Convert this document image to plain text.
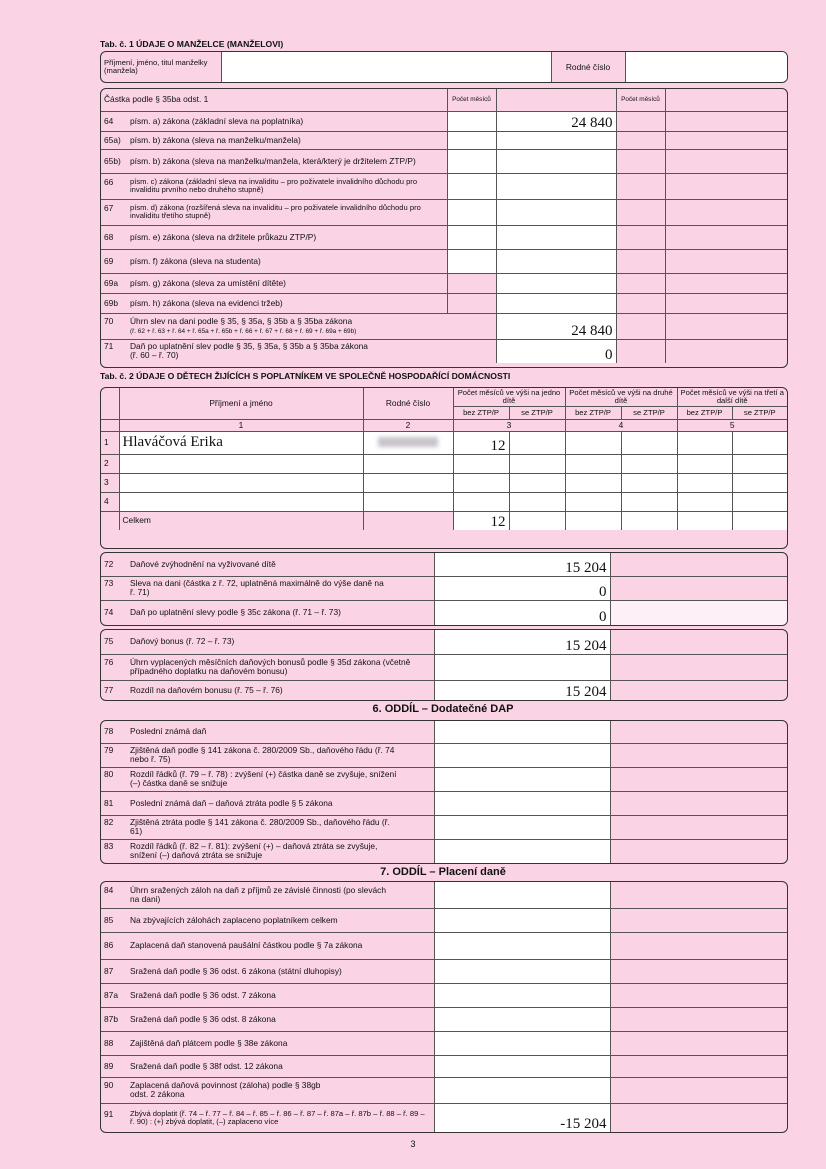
Tab. č. 1 ÚDAJE O MANŽELCE (MANŽELOVI)
Příjmení, jméno, titul manželky (manžela)		Rodné číslo	
Částka podle § 35ba odst. 1	Počet měsíců		Počet měsíců	
64 písm. a) zákona (základní sleva na poplatníka)		24 840		
65a) písm. b) zákona (sleva na manželku/manžela)				
65b) písm. b) zákona (sleva na manželku/manžela, která/který je držitelem ZTP/P)				
66 písm. c) zákona (základní sleva na invaliditu – pro poživatele invalidního důchodu pro invaliditu prvního nebo druhého stupně)				
67 písm. d) zákona (rozšířená sleva na invaliditu – pro poživatele invalidního důchodu pro invaliditu třetího stupně)				
68 písm. e) zákona (sleva na držitele průkazu ZTP/P)				
69 písm. f) zákona (sleva na studenta)				
69a písm. g) zákona (sleva za umístění dítěte)				
69b písm. h) zákona (sleva na evidenci tržeb)				
70 Úhrn slev na dani podle § 35, § 35a, § 35b a § 35ba zákona
(ř. 62 + ř. 63 + ř. 64 + ř. 65a + ř. 65b + ř. 66 + ř. 67 + ř. 68 + ř. 69 + ř. 69a + 69b)		24 840		
71 Daň po uplatnění slev podle § 35, § 35a, § 35b a § 35ba zákona (ř. 60 – ř. 70)		0		
Tab. č. 2 ÚDAJE O DĚTECH ŽIJÍCÍCH S POPLATNÍKEM VE SPOLEČNĚ HOSPODAŘÍCÍ DOMÁCNOSTI
	Příjmení a jméno	Rodné číslo	Počet měsíců ve výši na jedno dítě		Počet měsíců ve výši na druhé dítě		Počet měsíců ve výši na třetí a další dítě	
			bez ZTP/P	se ZTP/P	bez ZTP/P	se ZTP/P	bez ZTP/P	se ZTP/P
	1	2	3		4		5	
1	Hlaváčová Erika		12					
2								
3								
4								
	Celkem		12					
72 Daňové zvýhodnění na vyživované dítě	15 204	
73 Sleva na dani (částka z ř. 72, uplatněná maximálně do výše daně na ř. 71)	0	
74 Daň po uplatnění slevy podle § 35c zákona (ř. 71 – ř. 73)	0	
75 Daňový bonus (ř. 72 – ř. 73)	15 204	
76 Úhrn vyplacených měsíčních daňových bonusů podle § 35d zákona (včetně případného doplatku na daňovém bonusu)		
77 Rozdíl na daňovém bonusu (ř. 75 – ř. 76)	15 204	
6. ODDÍL – Dodatečné DAP
78 Poslední známá daň		
79 Zjištěná daň podle § 141 zákona č. 280/2009 Sb., daňového řádu (ř. 74 nebo ř. 75)		
80 Rozdíl řádků (ř. 79 – ř. 78) : zvýšení (+) částka daně se zvyšuje, snížení (–) částka daně se snižuje		
81 Poslední známá daň – daňová ztráta podle § 5 zákona		
82 Zjištěná ztráta podle § 141 zákona č. 280/2009 Sb., daňového řádu (ř. 61)		
83 Rozdíl řádků (ř. 82 – ř. 81): zvýšení (+) – daňová ztráta se zvyšuje, snížení (–) daňová ztráta se snižuje		
7. ODDÍL – Placení daně
84 Úhrn sražených záloh na daň z příjmů ze závislé činnosti (po slevách na dani)		
85 Na zbývajících zálohách zaplaceno poplatníkem celkem		
86 Zaplacená daň stanovená paušální částkou podle § 7a zákona		
87 Sražená daň podle § 36 odst. 6 zákona (státní dluhopisy)		
87a Sražená daň podle § 36 odst. 7 zákona		
87b Sražená daň podle § 36 odst. 8 zákona		
88 Zajištěná daň plátcem podle § 38e zákona		
89 Sražená daň podle § 38f odst. 12 zákona		
90 Zaplacená daňová povinnost (záloha) podle § 38gb odst. 2 zákona		
91 Zbývá doplatit (ř. 74 – ř. 77 – ř. 84 – ř. 85 – ř. 86 – ř. 87 – ř. 87a – ř. 87b – ř. 88 – ř. 89 – ř. 90) : (+) zbývá doplatit, (–) zaplaceno více	-15 204	
3
